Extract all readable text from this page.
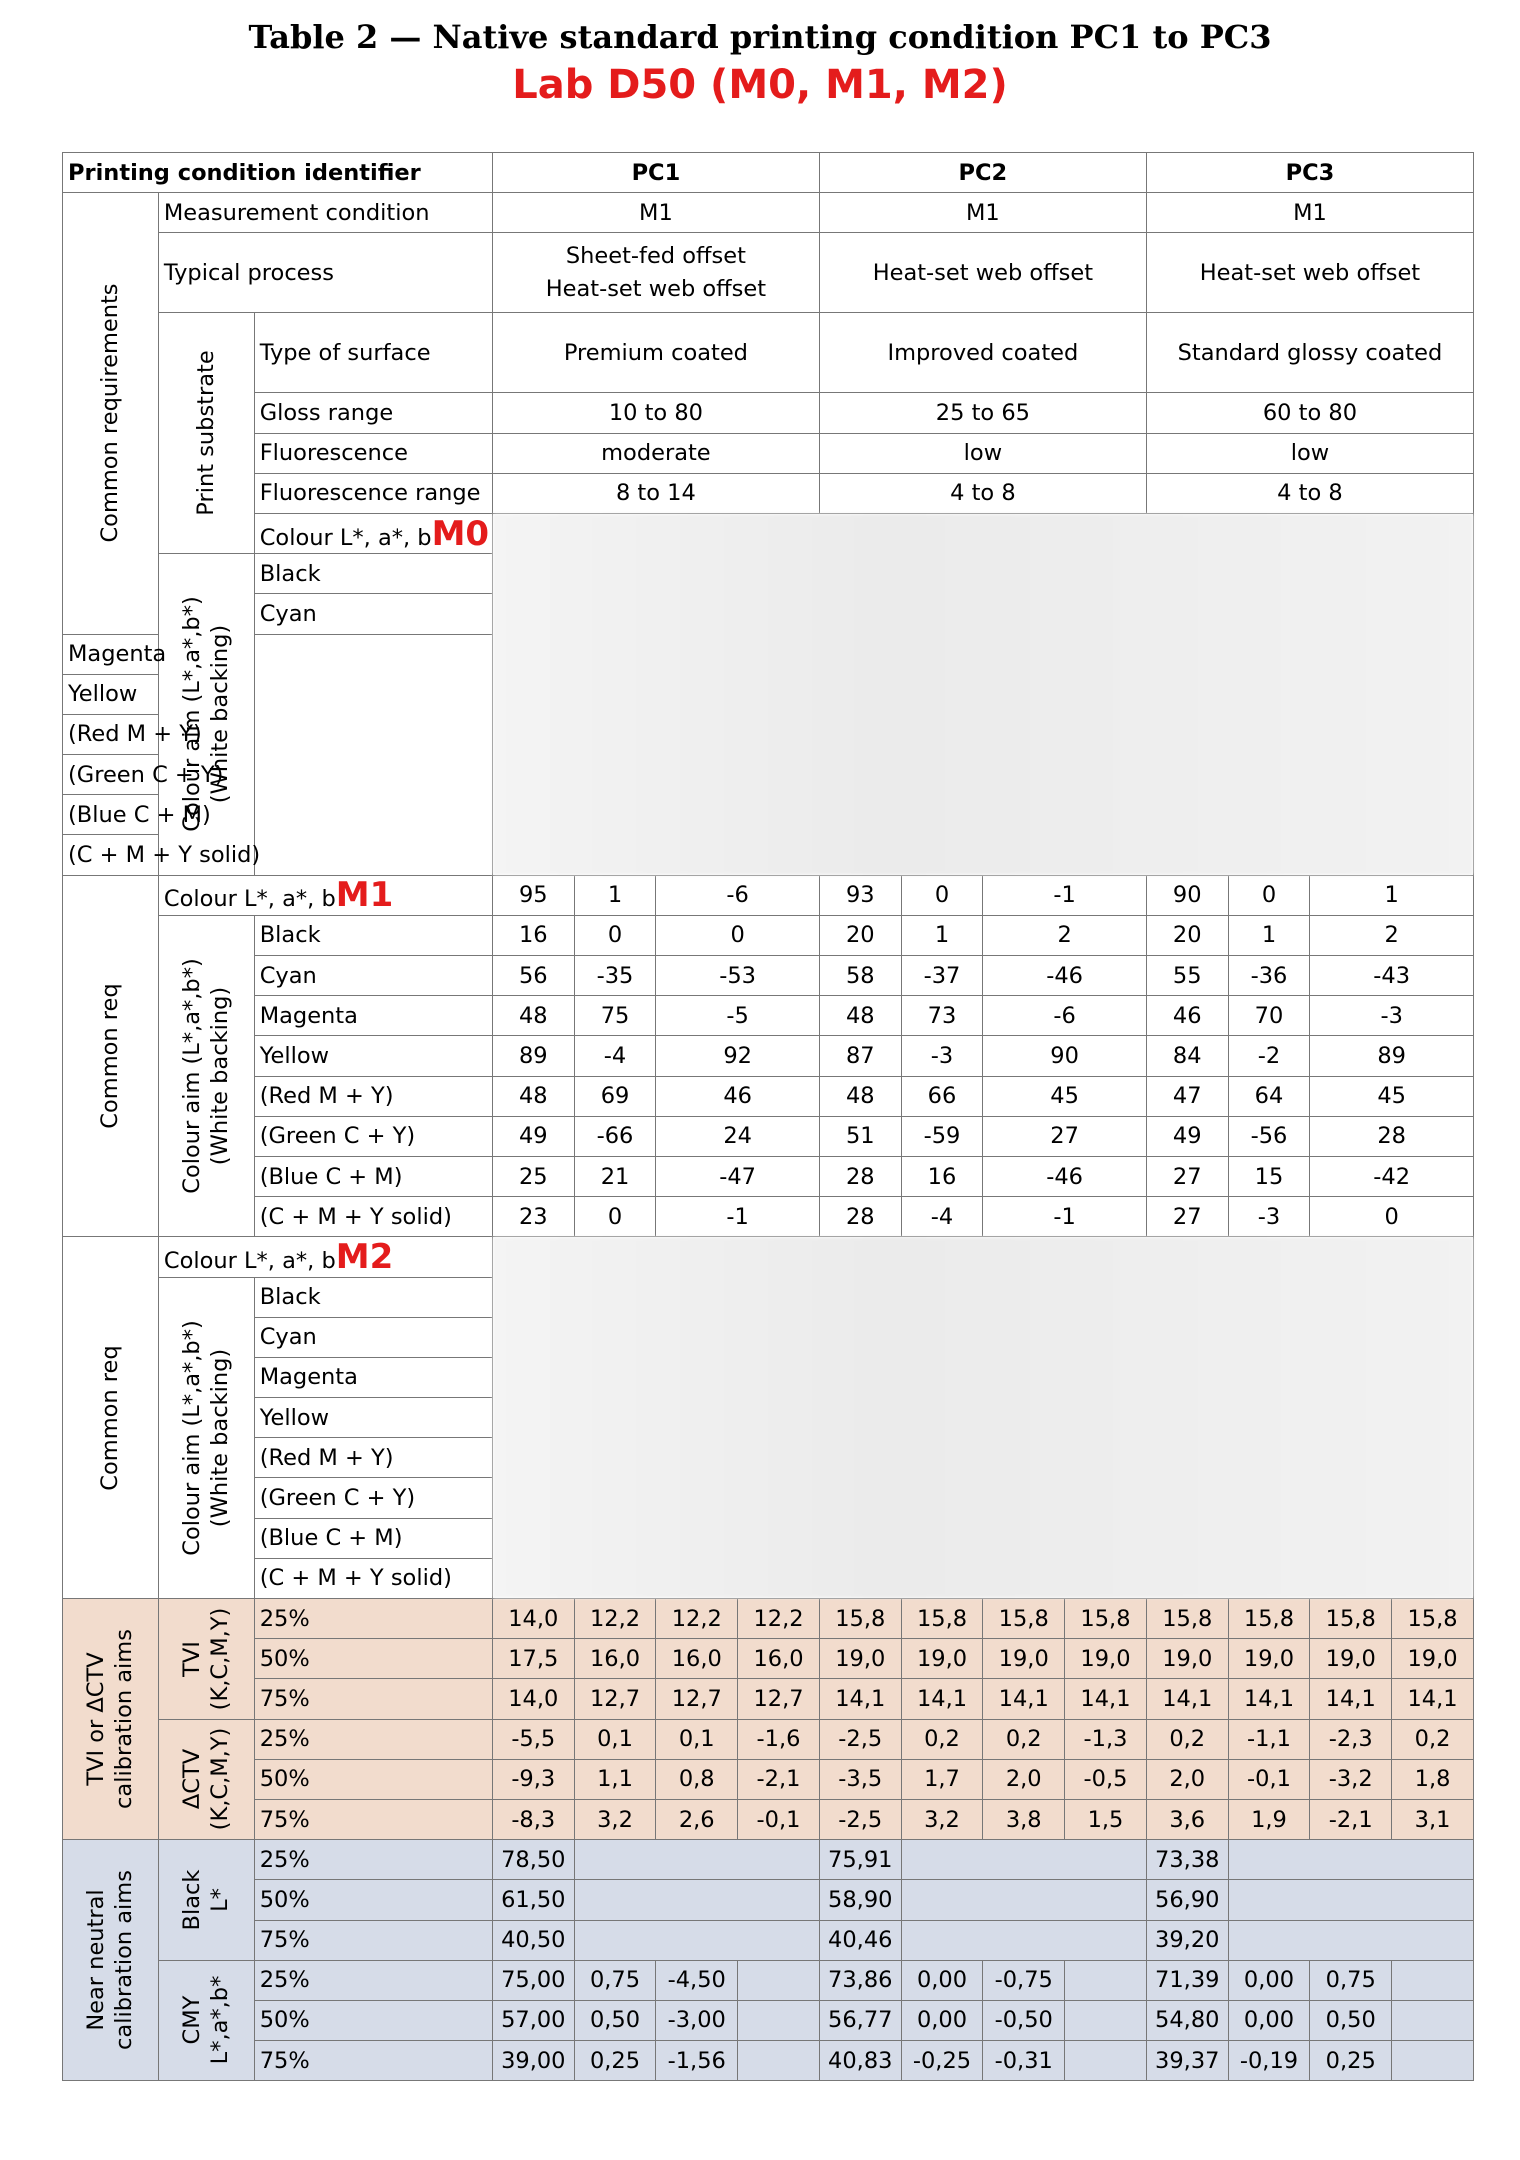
Table 2 — Native standard printing condition PC1 to PC3
Lab D50 (M0, M1, M2)
Printing condition identifier			PC1				PC2				PC3			

Common requirements	Measurement condition		M1				M1				M1			
	Typical process		Sheet-fed offset
Heat-set web offset				Heat-set web offset				Heat-set web offset			

	Print substrate	Type of surface	Premium coated				Improved coated				Standard glossy coated			
		Gloss range	10 to 80				25 to 65				60 to 80			
		Fluorescence	moderate				low				low			
		Fluorescence range	8 to 14				4 to 8				4 to 8			
		Colour L*, a*, bM0												

	Colour aim (L*,a*,b*)
(White backing)	Black												
		Cyan												
Magenta														
Yellow														
(Red M + Y)														
(Green C + Y)														
(Blue C + M)														
(C + M + Y solid)														

Common req	Colour L*, a*, bM1		95	1	-6		93	0	-1		90	0	1	

	Colour aim (L*,a*,b*)
(White backing)	Black	16	0	0		20	1	2		20	1	2	
		Cyan	56	-35	-53		58	-37	-46		55	-36	-43	
		Magenta	48	75	-5		48	73	-6		46	70	-3	
		Yellow	89	-4	92		87	-3	90		84	-2	89	
		(Red M + Y)	48	69	46		48	66	45		47	64	45	
		(Green C + Y)	49	-66	24		51	-59	27		49	-56	28	
		(Blue C + M)	25	21	-47		28	16	-46		27	15	-42	
		(C + M + Y solid)	23	0	-1		28	-4	-1		27	-3	0	

Common req	Colour L*, a*, bM2													

	Colour aim (L*,a*,b*)
(White backing)	Black												
		Cyan												
		Magenta												
		Yellow												
		(Red M + Y)												
		(Green C + Y)												
		(Blue C + M)												
		(C + M + Y solid)												

TVI or ΔCTV
calibration aims	TVI
(K,C,M,Y)	25%	14,0	12,2	12,2	12,2	15,8	15,8	15,8	15,8	15,8	15,8	15,8	15,8
		50%	17,5	16,0	16,0	16,0	19,0	19,0	19,0	19,0	19,0	19,0	19,0	19,0
		75%	14,0	12,7	12,7	12,7	14,1	14,1	14,1	14,1	14,1	14,1	14,1	14,1

	ΔCTV
(K,C,M,Y)	25%	-5,5	0,1	0,1	-1,6	-2,5	0,2	0,2	-1,3	0,2	-1,1	-2,3	0,2
		50%	-9,3	1,1	0,8	-2,1	-3,5	1,7	2,0	-0,5	2,0	-0,1	-3,2	1,8
		75%	-8,3	3,2	2,6	-0,1	-2,5	3,2	3,8	1,5	3,6	1,9	-2,1	3,1

Near neutral
calibration aims	Black
L*	25%	78,50				75,91				73,38			
		50%	61,50				58,90				56,90			
		75%	40,50				40,46				39,20			

	CMY
L*,a*,b*	25%	75,00	0,75	-4,50		73,86	0,00	-0,75		71,39	0,00	0,75	
		50%	57,00	0,50	-3,00		56,77	0,00	-0,50		54,80	0,00	0,50	
		75%	39,00	0,25	-1,56		40,83	-0,25	-0,31		39,37	-0,19	0,25	
